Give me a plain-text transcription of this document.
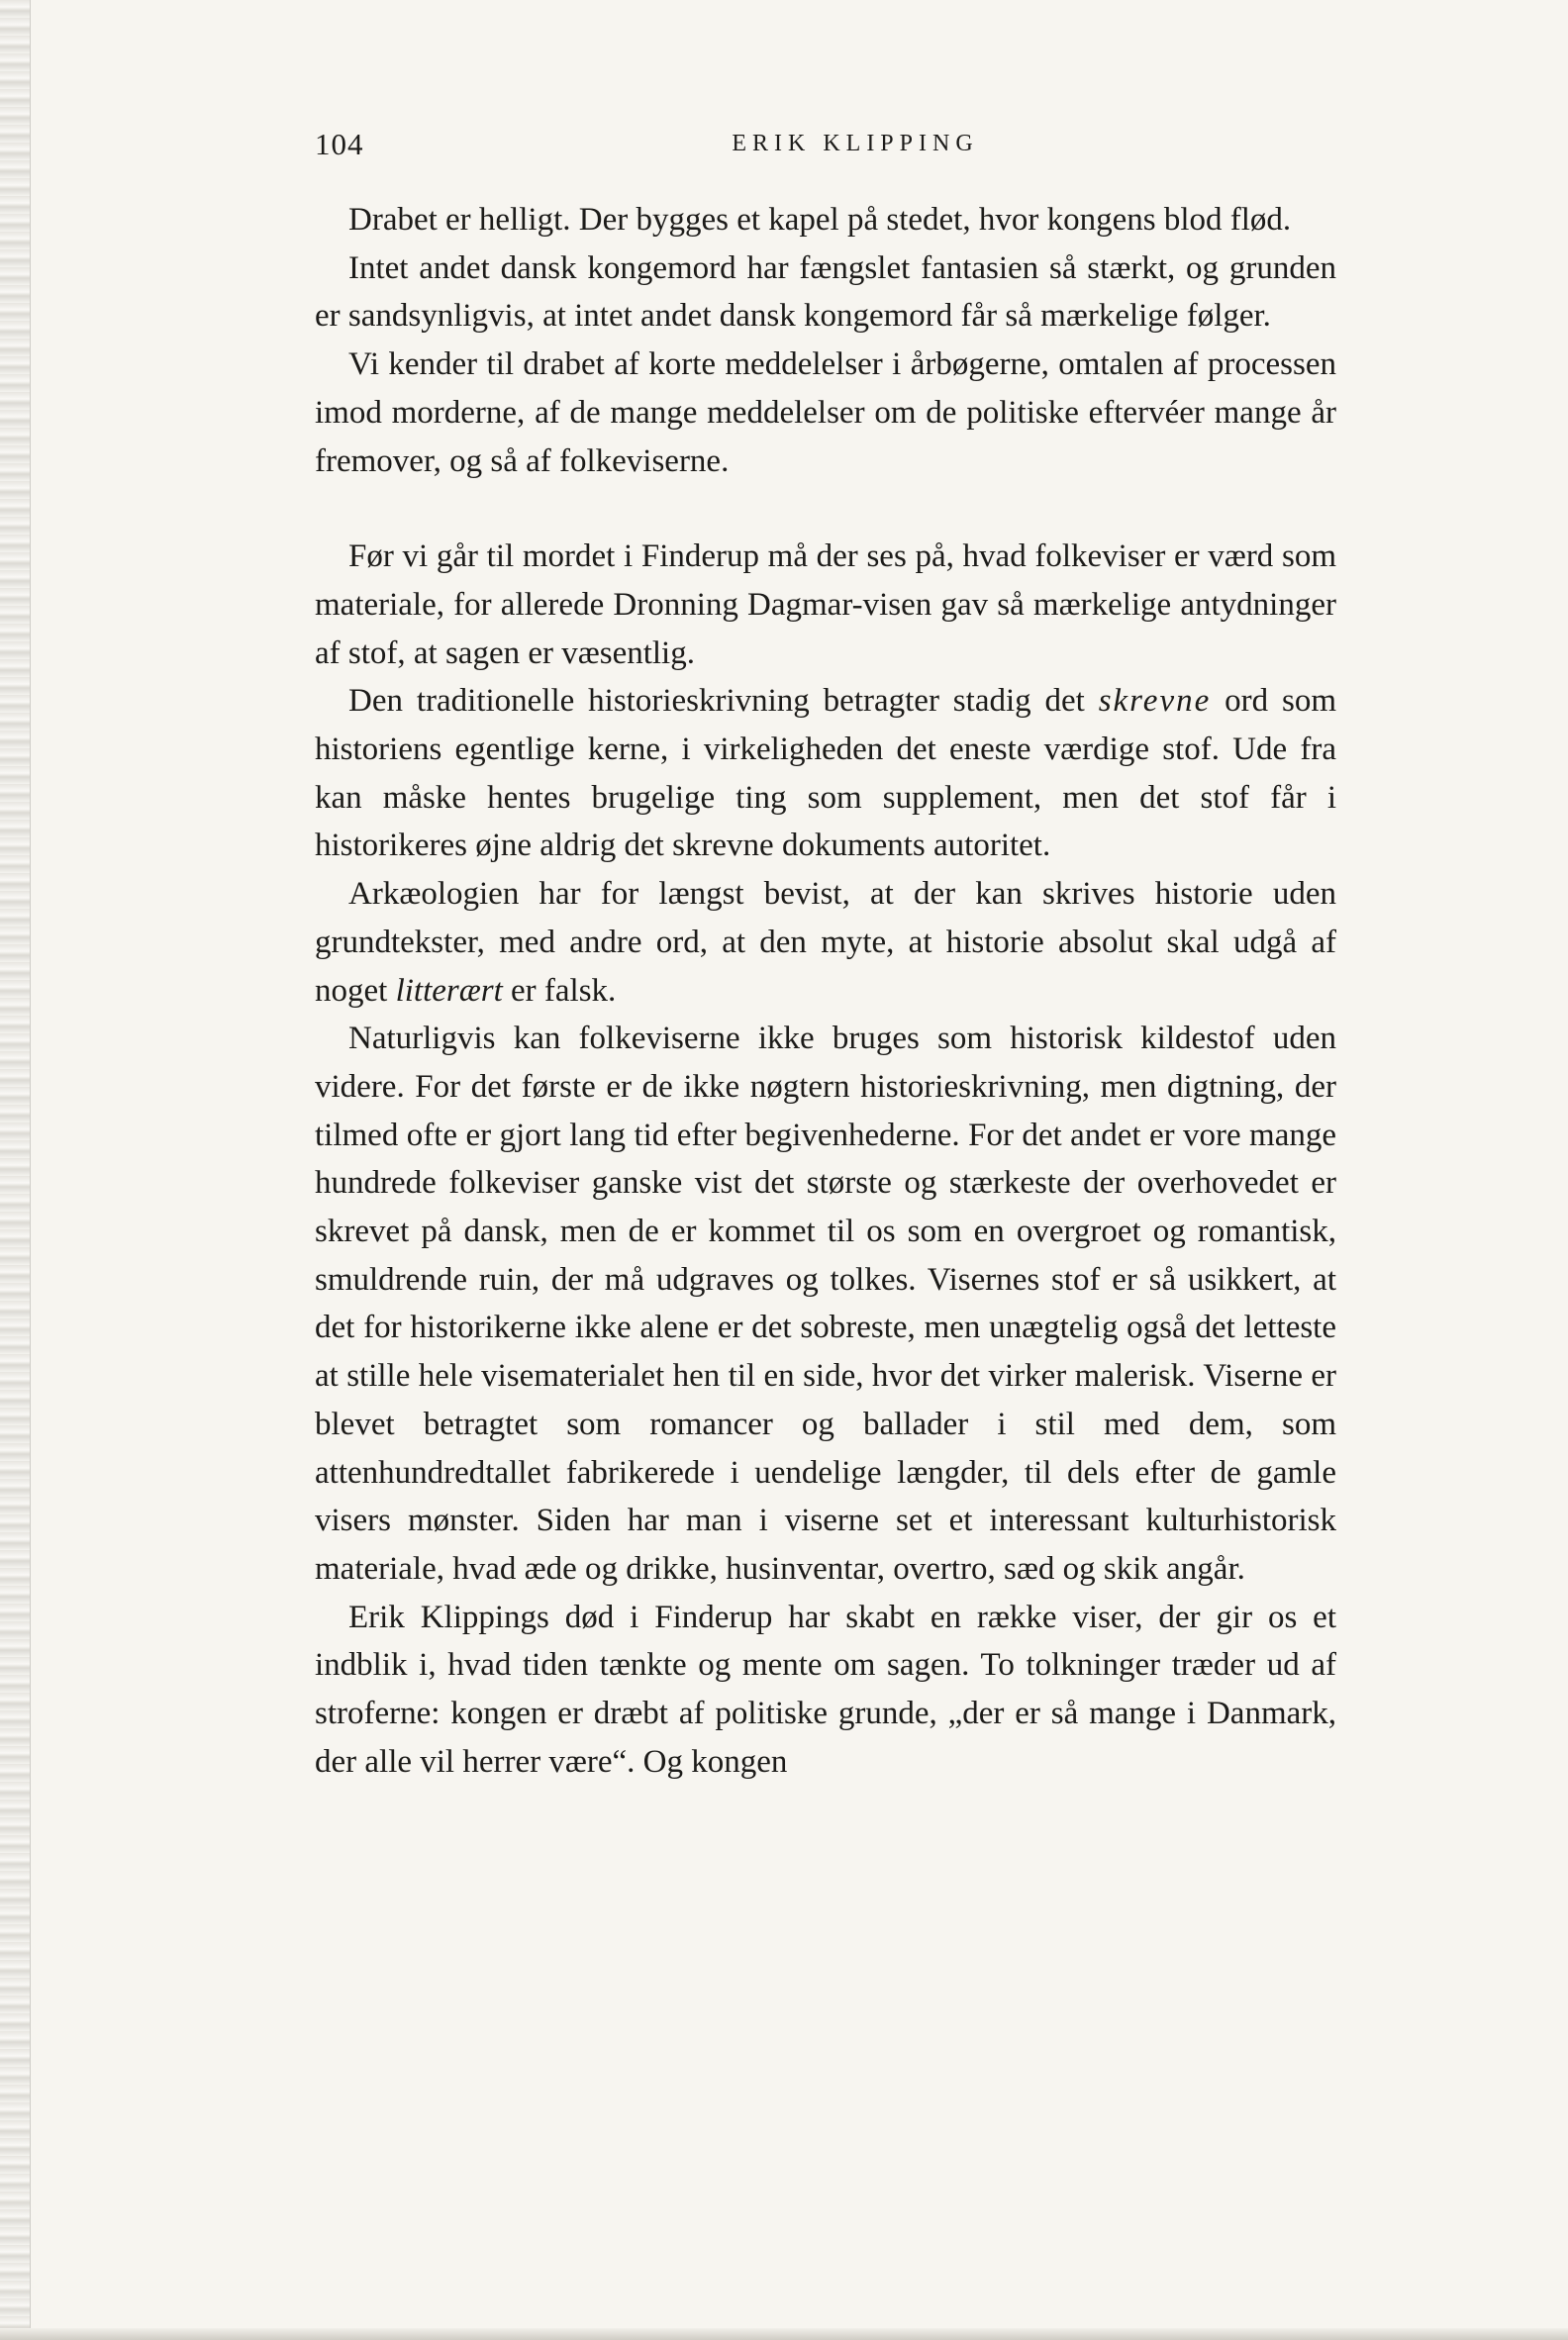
104	ERIK KLIPPING

Drabet er helligt. Der bygges et kapel på stedet, hvor kongens blod flød.

Intet andet dansk kongemord har fængslet fantasien så stærkt, og grunden er sandsynligvis, at intet andet dansk kongemord får så mærkelige følger.

Vi kender til drabet af korte meddelelser i årbøgerne, omtalen af processen imod morderne, af de mange meddelelser om de politiske eftervéer mange år fremover, og så af folkeviserne.

Før vi går til mordet i Finderup må der ses på, hvad folkeviser er værd som materiale, for allerede Dronning Dagmar-visen gav så mærkelige antydninger af stof, at sagen er væsentlig.

Den traditionelle historieskrivning betragter stadig det skrevne ord som historiens egentlige kerne, i virkeligheden det eneste værdige stof. Ude fra kan måske hentes brugelige ting som supplement, men det stof får i historikeres øjne aldrig det skrevne dokuments autoritet.

Arkæologien har for længst bevist, at der kan skrives historie uden grundtekster, med andre ord, at den myte, at historie absolut skal udgå af noget litterært er falsk.

Naturligvis kan folkeviserne ikke bruges som historisk kildestof uden videre. For det første er de ikke nøgtern historieskrivning, men digtning, der tilmed ofte er gjort lang tid efter begivenhederne. For det andet er vore mange hundrede folkeviser ganske vist det største og stærkeste der overhovedet er skrevet på dansk, men de er kommet til os som en overgroet og romantisk, smuldrende ruin, der må udgraves og tolkes. Visernes stof er så usikkert, at det for historikerne ikke alene er det sobreste, men unægtelig også det letteste at stille hele visematerialet hen til en side, hvor det virker malerisk. Viserne er blevet betragtet som romancer og ballader i stil med dem, som attenhundredtallet fabrikerede i uendelige længder, til dels efter de gamle visers mønster. Siden har man i viserne set et interessant kulturhistorisk materiale, hvad æde og drikke, husinventar, overtro, sæd og skik angår.

Erik Klippings død i Finderup har skabt en række viser, der gir os et indblik i, hvad tiden tænkte og mente om sagen. To tolkninger træder ud af stroferne: kongen er dræbt af politiske grunde, „der er så mange i Danmark, der alle vil herrer være“. Og kongen
